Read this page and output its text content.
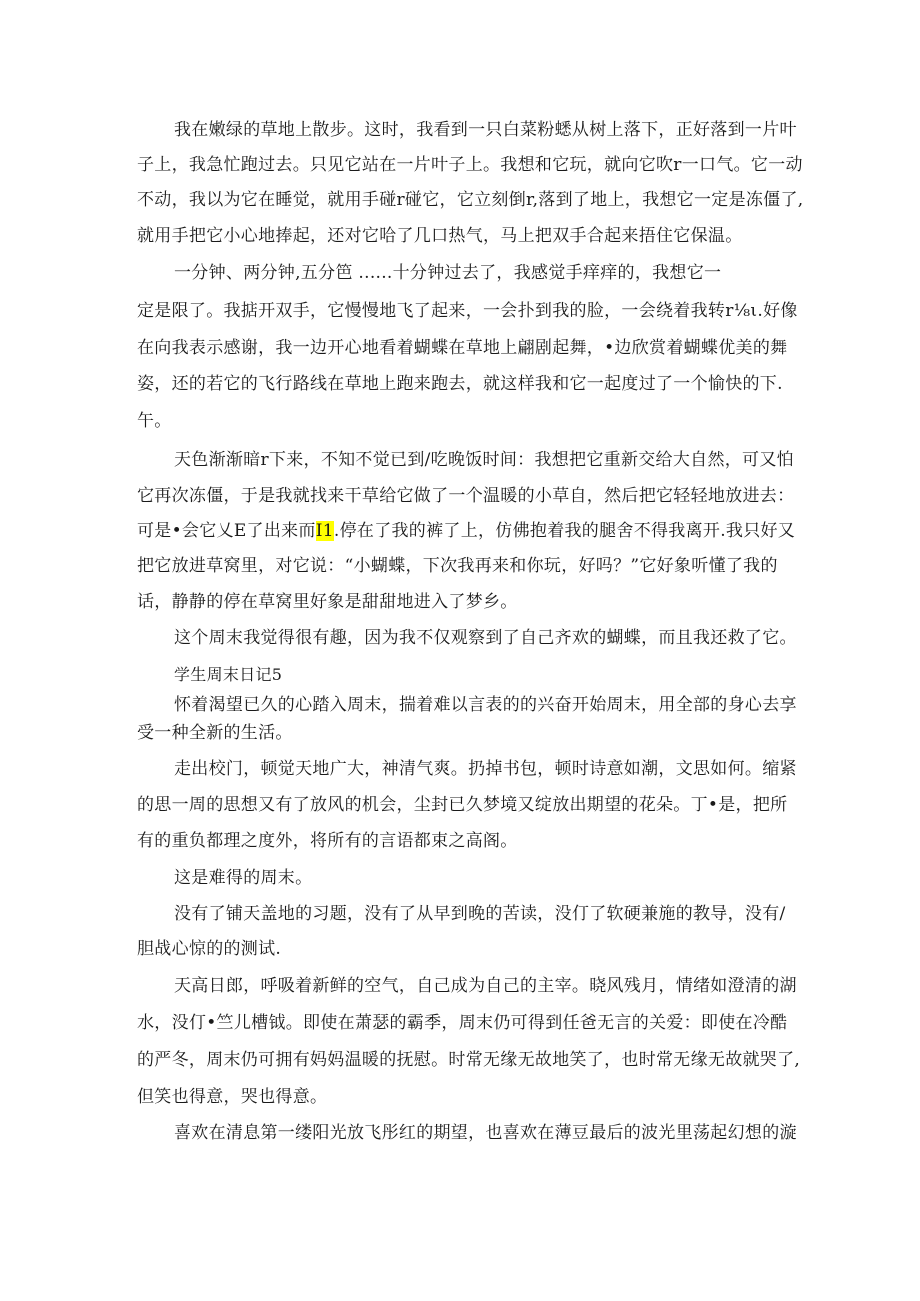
我在嫩绿的草地上散步。这时，我看到一只白菜粉蟋从树上落下，正好落到一片叶
子上，我急忙跑过去。只见它站在一片叶子上。我想和它玩，就向它吹r一口气。它一动
不动，我以为它在睡觉，就用手碰r碰它，它立刻倒r,落到了地上，我想它一定是冻僵了,
就用手把它小心地捧起，还对它哈了几口热气，马上把双手合起来捂住它保温。
一分钟、两分钟,五分笆 ......十分钟过去了，我感觉手痒痒的，我想它一
定是限了。我掂开双手，它慢慢地飞了起来，一会扑到我的脸，一会绕着我转r⅛ι.好像
在向我表示感谢，我一边开心地看着蝴蝶在草地上翩剧起舞，•边欣赏着蝴蝶优美的舞
姿，还的若它的飞行路线在草地上跑来跑去，就这样我和它一起度过了一个愉快的下.
午。
天色渐渐暗r下来，不知不觉已到/吃晚饭时间：我想把它重新交给大自然，可又怕
它再次冻僵，于是我就找来干草给它做了一个温暖的小草自，然后把它轻轻地放进去：
可是•会它乂E了出来而I1.停在了我的裤了上，仿佛抱着我的腿舍不得我离开.我只好又
把它放进草窝里，对它说：“小蝴蝶，下次我再来和你玩，好吗？”它好象听懂了我的
话，静静的停在草窝里好象是甜甜地进入了梦乡。
这个周末我觉得很有趣，因为我不仅观察到了自己齐欢的蝴蝶，而且我还救了它。
学生周末日记5
怀着渴望已久的心踏入周末，揣着难以言表的的兴奋开始周末，用全部的身心去享
受一种全新的生活。
走出校门，顿觉天地广大，神清气爽。扔掉书包，顿时诗意如潮，文思如何。缩紧
的思一周的思想又有了放风的机会，尘封已久梦境又绽放出期望的花朵。丁•是，把所
有的重负都理之度外，将所有的言语都束之高阁。
这是难得的周末。
没有了铺天盖地的习题，没有了从早到晚的苦读，没仃了软硬兼施的教导，没有/
胆战心惊的的测试.
天高日郎，呼吸着新鲜的空气，自己成为自己的主宰。晓风残月，情绪如澄清的湖
水，没仃•竺儿槽钺。即使在萧瑟的霸季，周末仍可得到任爸无言的关爱：即使在冷酷
的严冬，周末仍可拥有妈妈温暖的抚慰。时常无缘无故地笑了，也时常无缘无故就哭了,
但笑也得意，哭也得意。
喜欢在清息第一缕阳光放飞彤红的期望，也喜欢在薄豆最后的波光里荡起幻想的漩
